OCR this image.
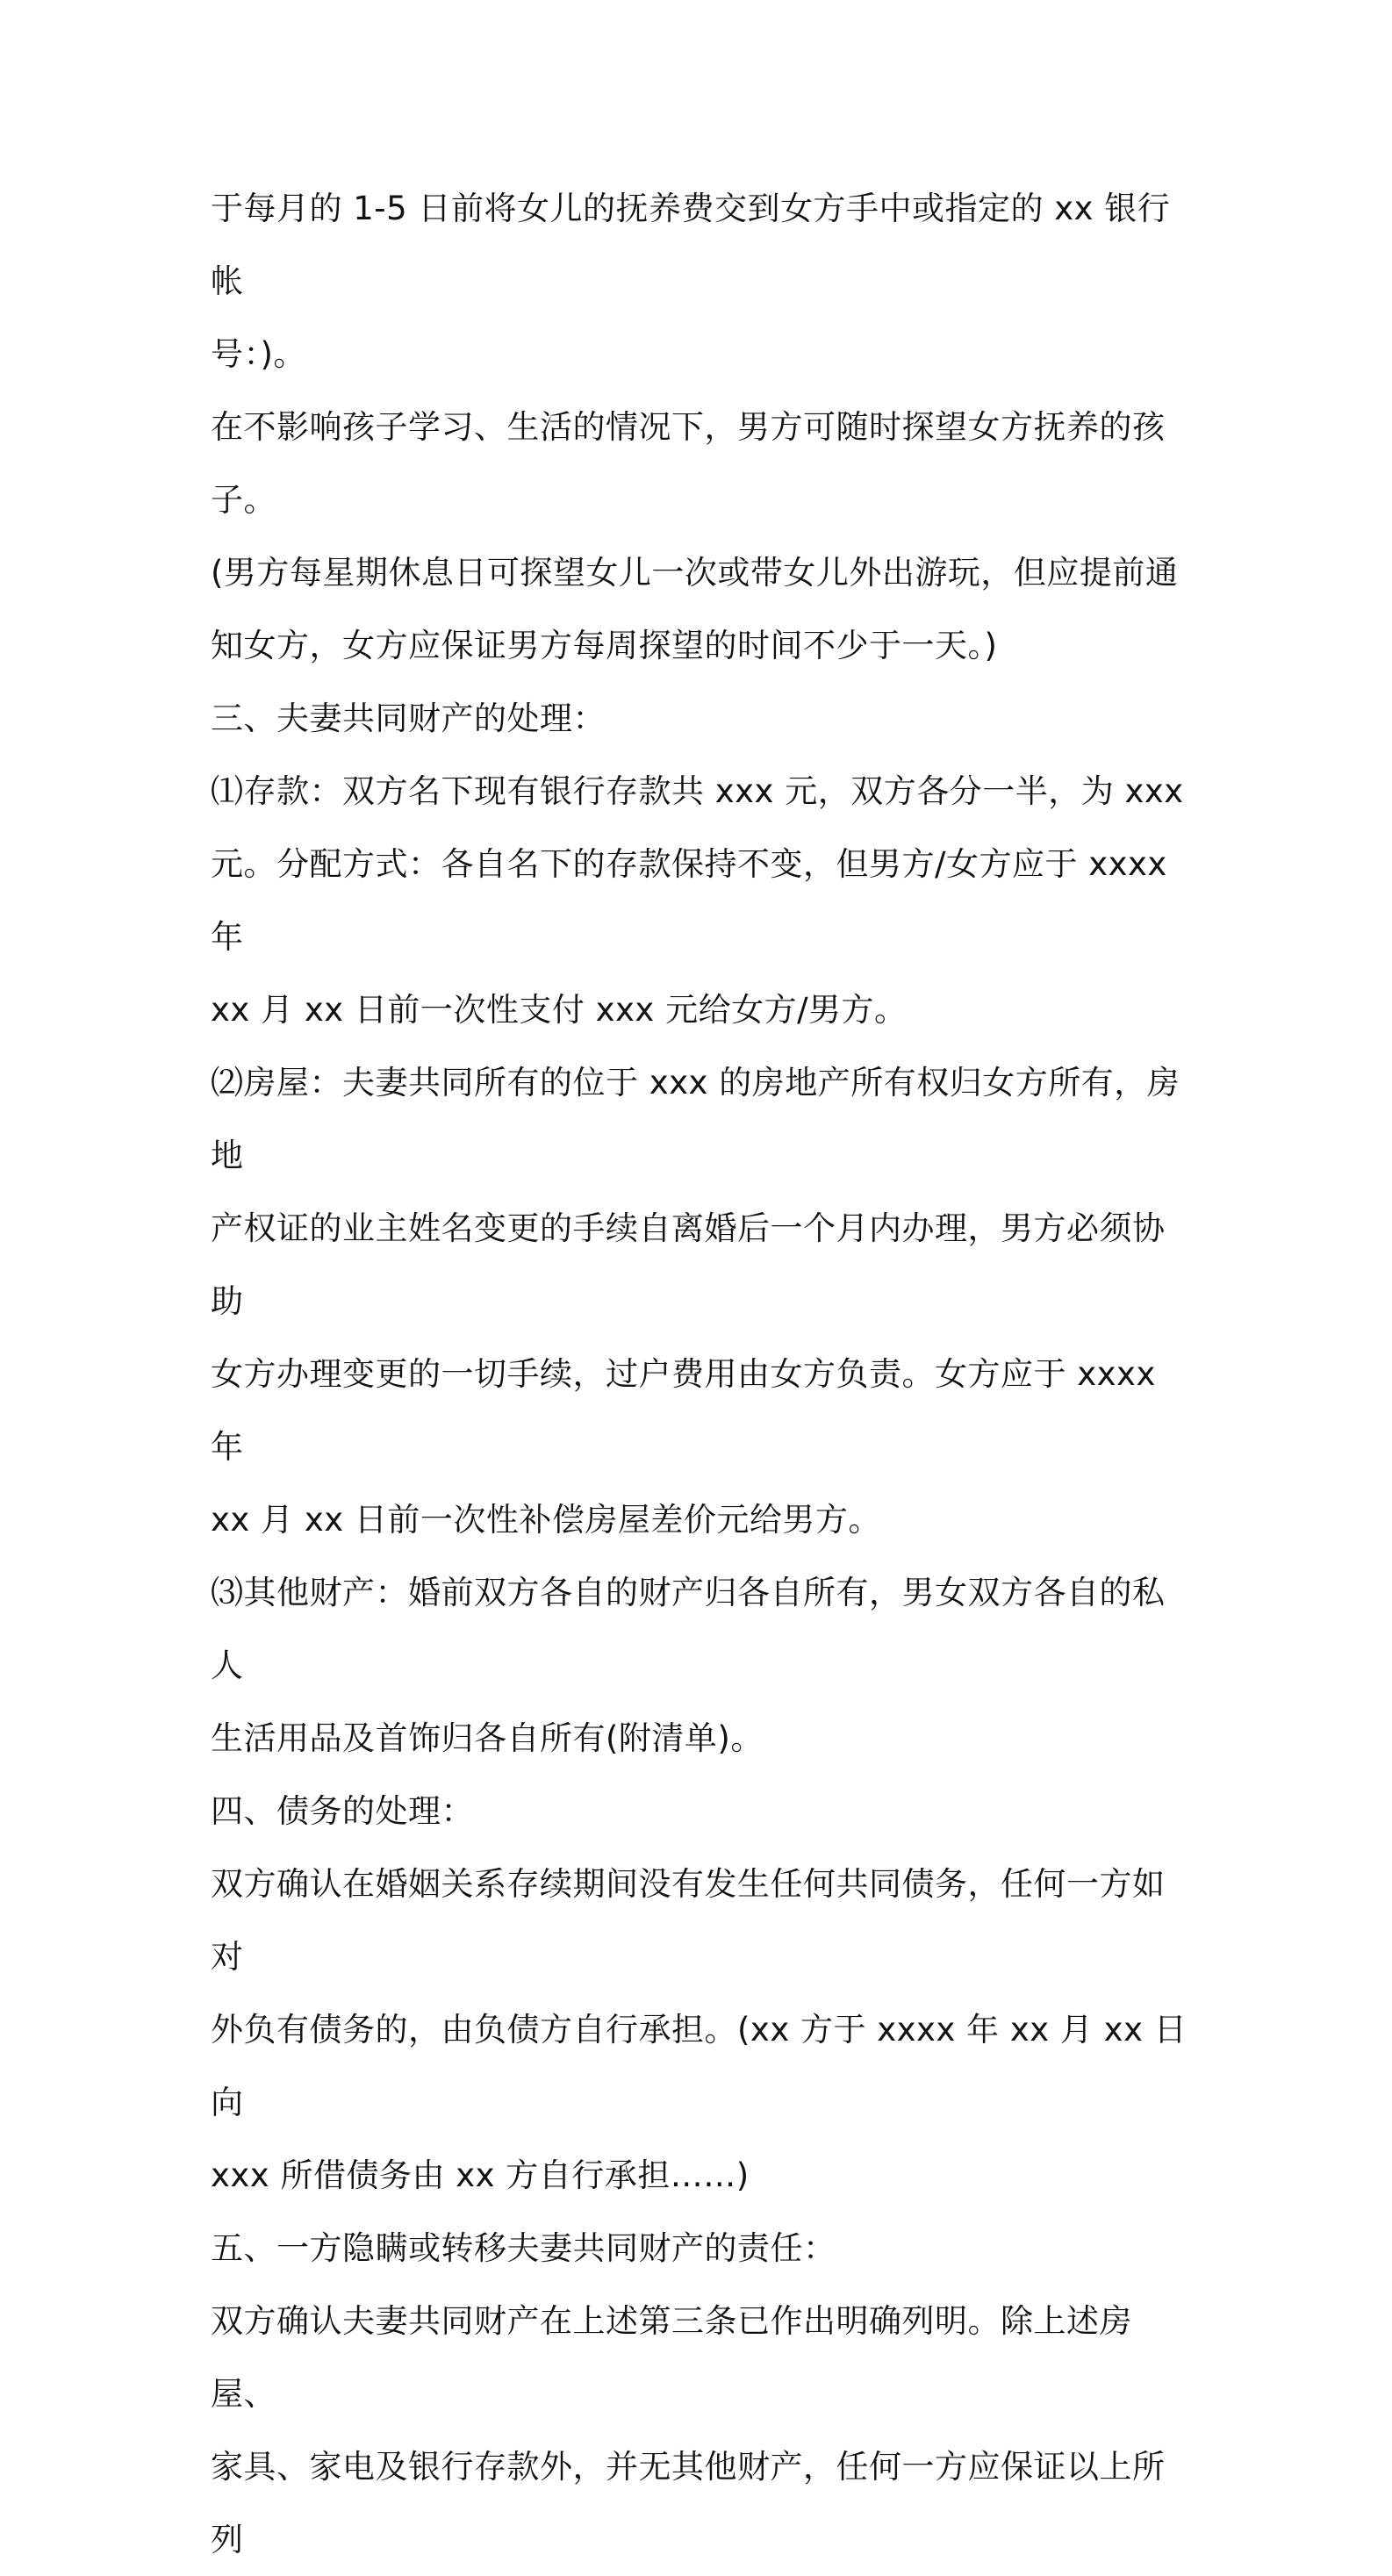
于每月的 1-5 日前将女儿的抚养费交到女方手中或指定的 xx 银行帐

号：)。

在不影响孩子学习、生活的情况下，男方可随时探望女方抚养的孩子。

(男方每星期休息日可探望女儿一次或带女儿外出游玩，但应提前通

知女方，女方应保证男方每周探望的时间不少于一天。)

三、夫妻共同财产的处理：

⑴存款：双方名下现有银行存款共 xxx 元，双方各分一半，为 xxx

元。分配方式：各自名下的存款保持不变，但男方/女方应于 xxxx 年

xx 月 xx 日前一次性支付 xxx 元给女方/男方。

⑵房屋：夫妻共同所有的位于 xxx 的房地产所有权归女方所有，房地

产权证的业主姓名变更的手续自离婚后一个月内办理，男方必须协助

女方办理变更的一切手续，过户费用由女方负责。女方应于 xxxx 年

xx 月 xx 日前一次性补偿房屋差价元给男方。

⑶其他财产：婚前双方各自的财产归各自所有，男女双方各自的私人

生活用品及首饰归各自所有(附清单)。

四、债务的处理：

双方确认在婚姻关系存续期间没有发生任何共同债务，任何一方如对

外负有债务的，由负债方自行承担。(xx 方于 xxxx 年 xx 月 xx 日向

xxx 所借债务由 xx 方自行承担……)

五、一方隐瞒或转移夫妻共同财产的责任：

双方确认夫妻共同财产在上述第三条已作出明确列明。除上述房屋、

家具、家电及银行存款外，并无其他财产，任何一方应保证以上所列
